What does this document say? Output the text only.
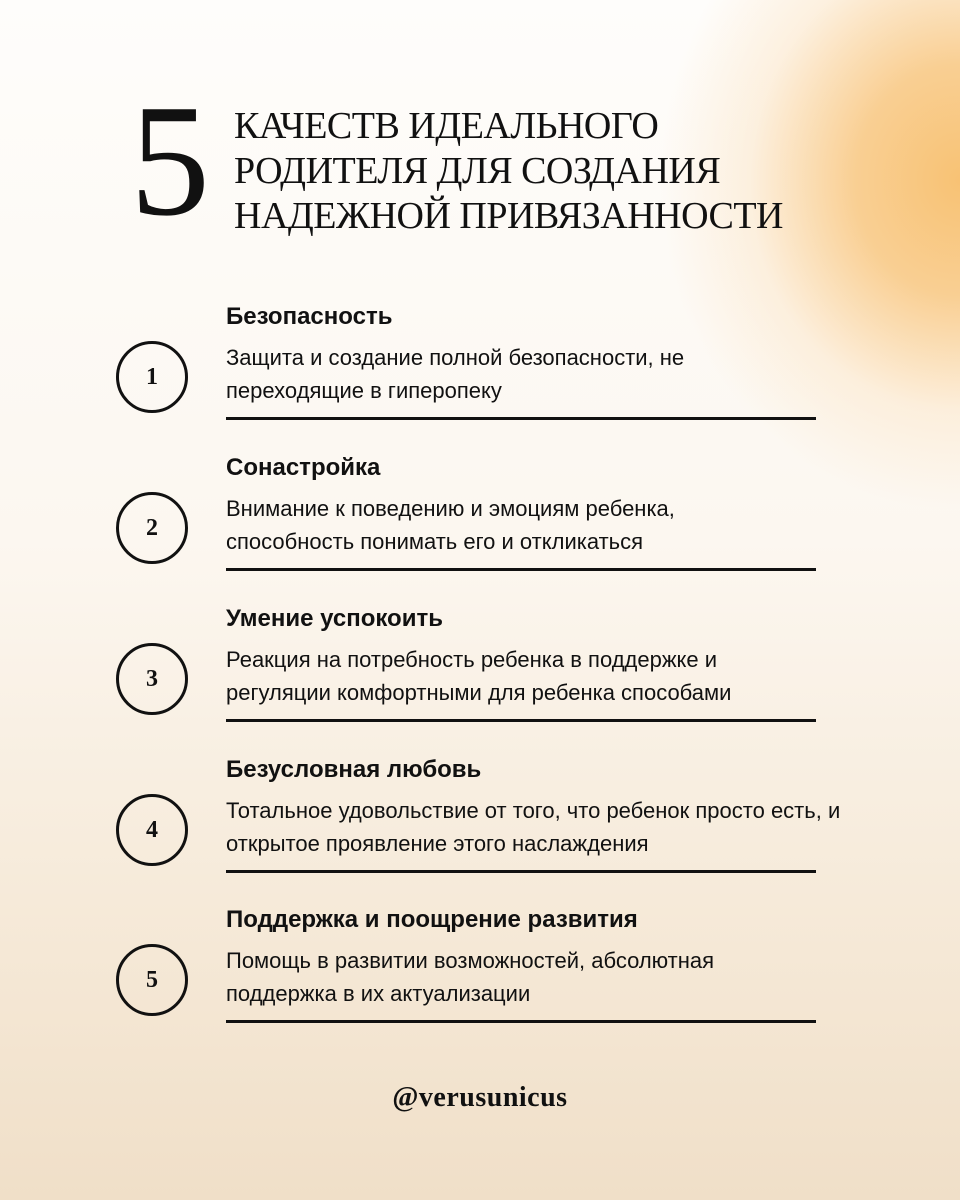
5 КАЧЕСТВ ИДЕАЛЬНОГО
РОДИТЕЛЯ ДЛЯ СОЗДАНИЯ
НАДЕЖНОЙ ПРИВЯЗАННОСТИ
1
Безопасность
Защита и создание полной безопасности, не переходящие в гиперопеку
2
Сонастройка
Внимание к поведению и эмоциям ребенка, способность понимать его и откликаться
3
Умение успокоить
Реакция на потребность ребенка в поддержке и регуляции комфортными для ребенка способами
4
Безусловная любовь
Тотальное удовольствие от того, что ребенок просто есть, и открытое проявление этого наслаждения
5
Поддержка и поощрение развития
Помощь в развитии возможностей, абсолютная поддержка в их актуализации
@verusunicus
